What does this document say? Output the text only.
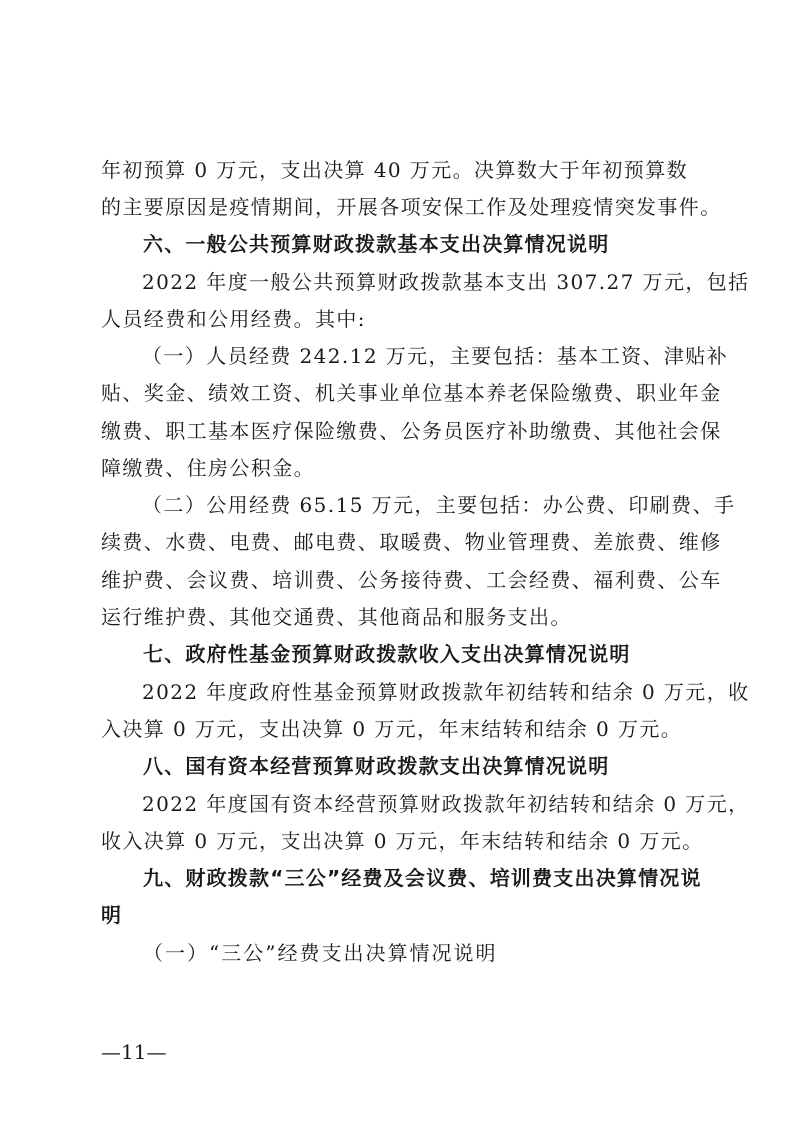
年初预算 0 万元，支出决算 40 万元。决算数大于年初预算数
的主要原因是疫情期间，开展各项安保工作及处理疫情突发事件。
六、一般公共预算财政拨款基本支出决算情况说明
2022 年度一般公共预算财政拨款基本支出 307.27 万元，包括
人员经费和公用经费。其中:
（一）人员经费 242.12 万元，主要包括：基本工资、津贴补
贴、奖金、绩效工资、机关事业单位基本养老保险缴费、职业年金
缴费、职工基本医疗保险缴费、公务员医疗补助缴费、其他社会保
障缴费、住房公积金。
（二）公用经费 65.15 万元，主要包括：办公费、印刷费、手
续费、水费、电费、邮电费、取暖费、物业管理费、差旅费、维修
维护费、会议费、培训费、公务接待费、工会经费、福利费、公车
运行维护费、其他交通费、其他商品和服务支出。
七、政府性基金预算财政拨款收入支出决算情况说明
2022 年度政府性基金预算财政拨款年初结转和结余 0 万元，收
入决算 0 万元，支出决算 0 万元，年末结转和结余 0 万元。
八、国有资本经营预算财政拨款支出决算情况说明
2022 年度国有资本经营预算财政拨款年初结转和结余 0 万元，
收入决算 0 万元，支出决算 0 万元，年末结转和结余 0 万元。
九、财政拨款“三公”经费及会议费、培训费支出决算情况说
明
（一）“三公”经费支出决算情况说明
—11—
